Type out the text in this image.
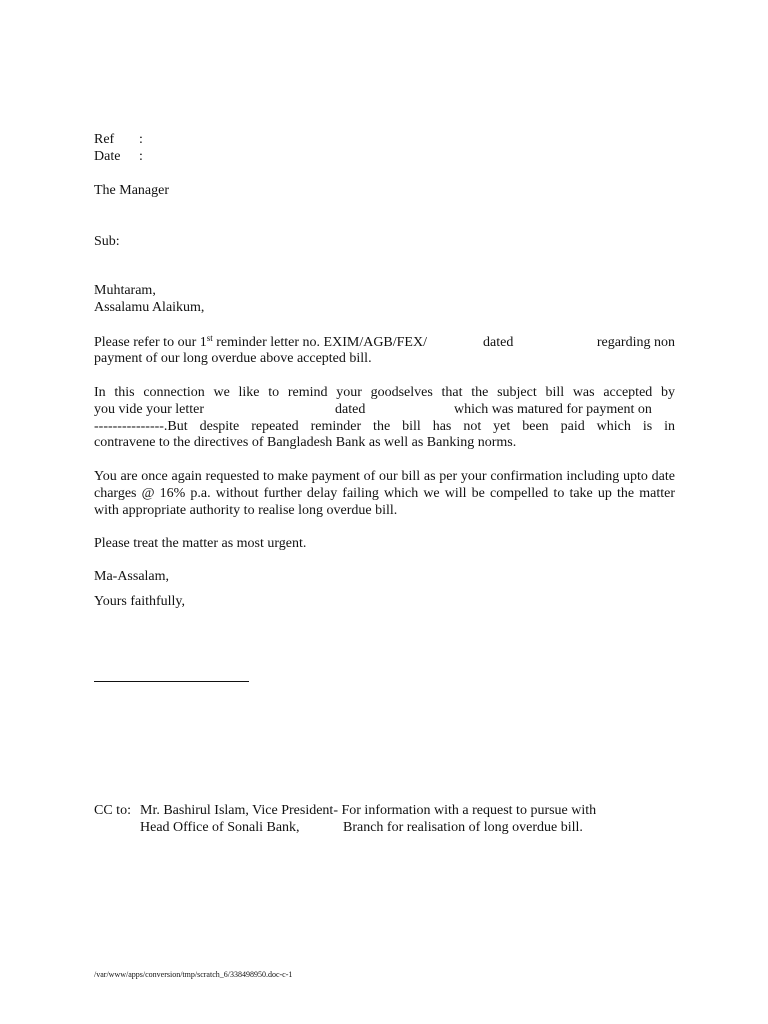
Ref :
Date :
The Manager
Sub:
Muhtaram,
Assalamu Alaikum,
Please refer to our 1st reminder letter no. EXIM/AGB/FEX/	dated	regarding non
payment of our long overdue above accepted bill.
In this connection we like to remind your goodselves that the subject bill was accepted by
you vide your letter	dated	which was matured for payment on
---------------.But despite repeated reminder the bill has not yet been paid which is in
contravene to the directives of Bangladesh Bank as well as Banking norms.
You are once again requested to make payment of our bill as per your confirmation including upto date charges @ 16% p.a. without further delay failing which we will be compelled to take up the matter with appropriate authority to realise long overdue bill.
Please treat the matter as most urgent.
Ma-Assalam,
Yours faithfully,
CC to: Mr. Bashirul Islam, Vice President- For information with a request to pursue with
Head Office of Sonali Bank,	Branch for realisation of long overdue bill.
/var/www/apps/conversion/tmp/scratch_6/338498950.doc-c-1
